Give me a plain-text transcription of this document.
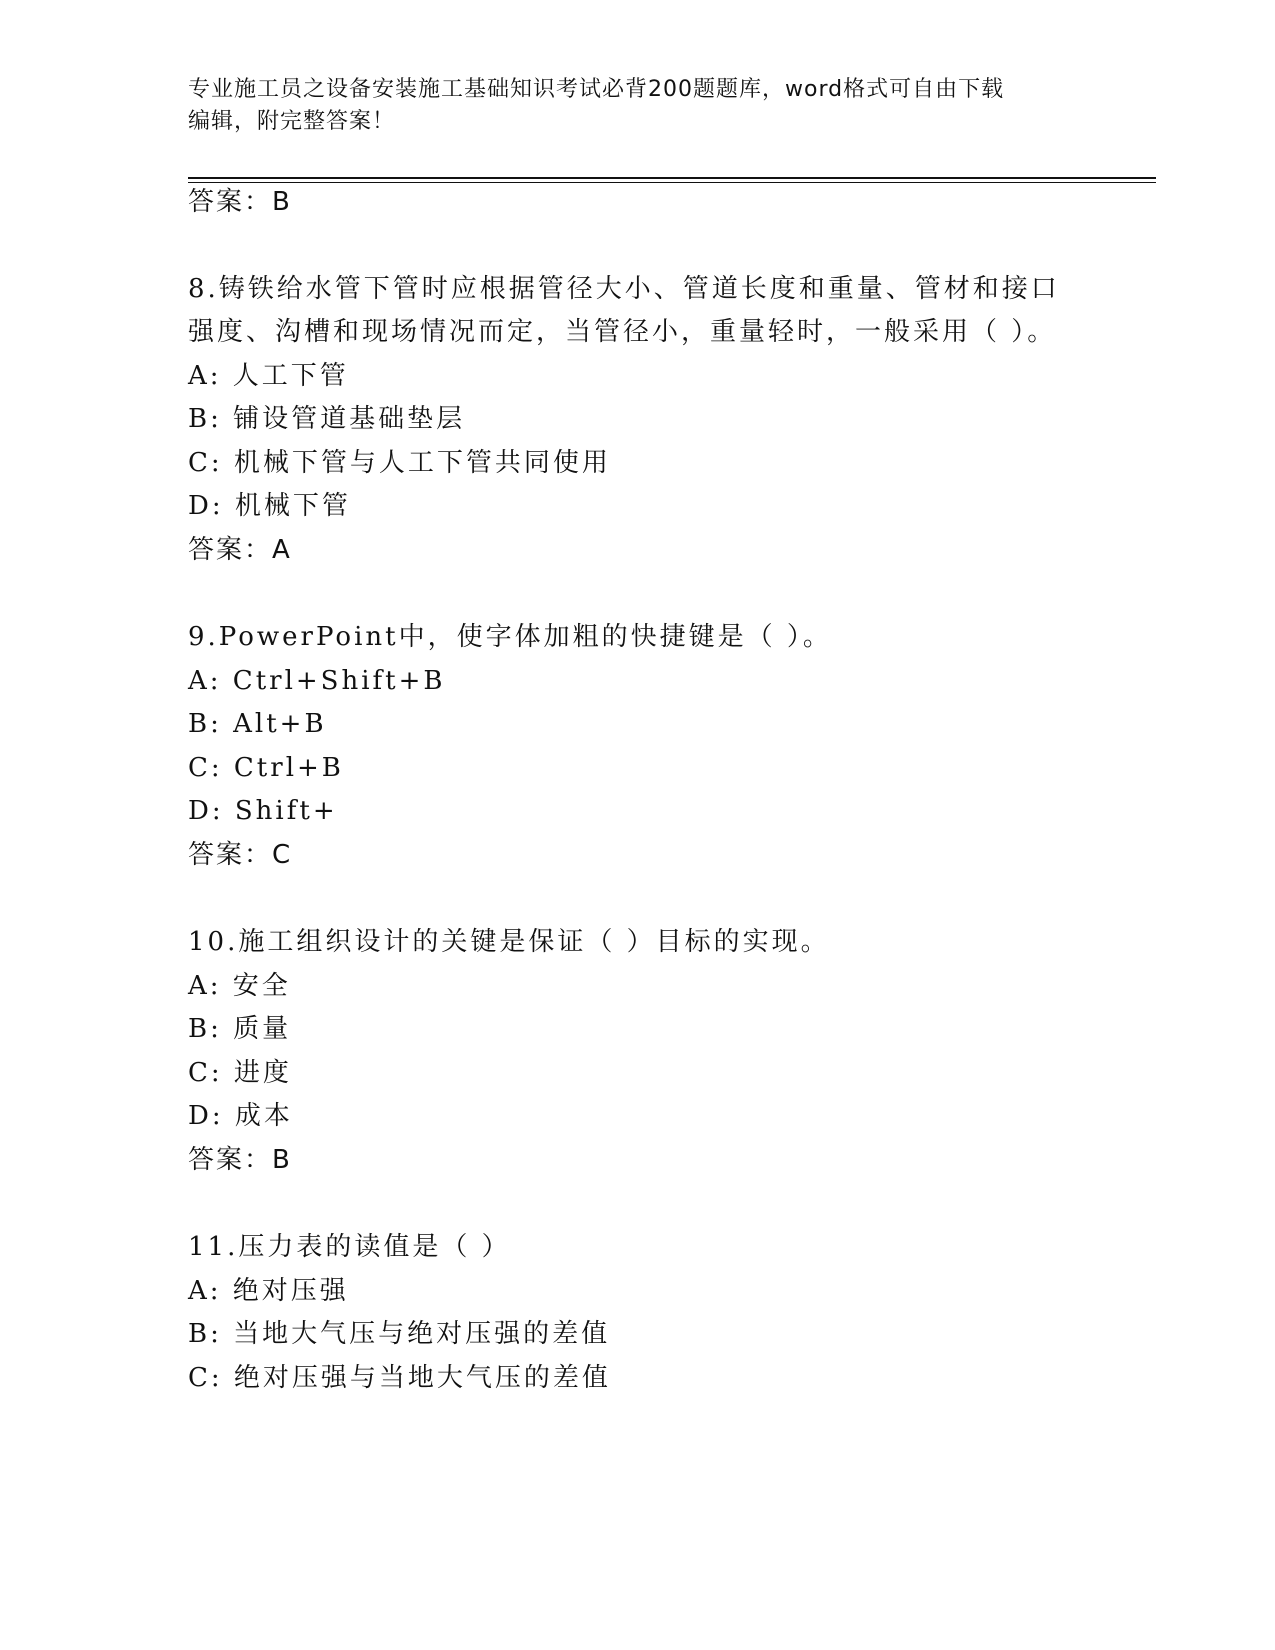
专业施工员之设备安装施工基础知识考试必背200题题库，word格式可自由下载
编辑，附完整答案！
答案：B
8.铸铁给水管下管时应根据管径大小、管道长度和重量、管材和接口
强度、沟槽和现场情况而定，当管径小，重量轻时，一般采用（ ）。
A: 人工下管
B: 铺设管道基础垫层
C: 机械下管与人工下管共同使用
D: 机械下管
答案：A
9.PowerPoint中，使字体加粗的快捷键是（ ）。
A: Ctrl+Shift+B
B: Alt+B
C: Ctrl+B
D: Shift+
答案：C
10.施工组织设计的关键是保证（ ）目标的实现。
A: 安全
B: 质量
C: 进度
D: 成本
答案：B
11.压力表的读值是（ ）
A: 绝对压强
B: 当地大气压与绝对压强的差值
C: 绝对压强与当地大气压的差值
